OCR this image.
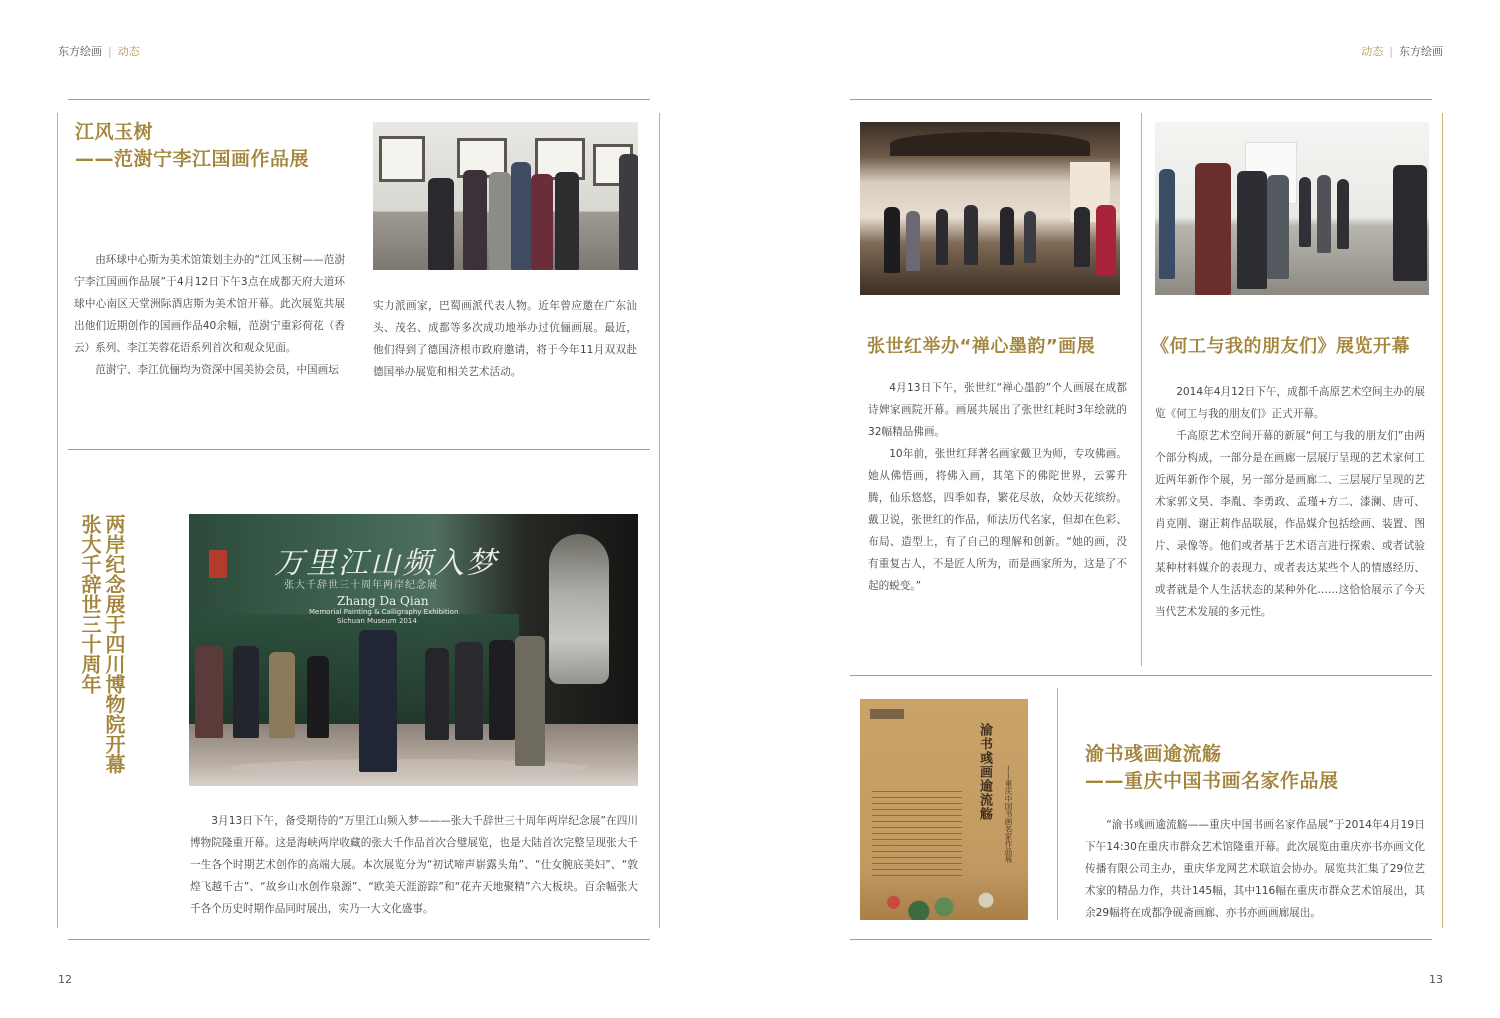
东方绘画 | 动态	动态 | 东方绘画
江风玉树
——范澍宁李江国画作品展

由环球中心斯为美术馆策划主办的“江风玉树——范澍宁李江国画作品展”于4月12日下午3点在成都天府大道环球中心南区天堂洲际酒店斯为美术馆开幕。此次展览共展出他们近期创作的国画作品40余幅，范澍宁重彩荷花（香云）系列、李江芙蓉花语系列首次和观众见面。

范澍宁、李江伉俪均为资深中国美协会员，中国画坛

实力派画家，巴蜀画派代表人物。近年曾应邀在广东汕头、茂名、成都等多次成功地举办过伉俪画展。最近，他们得到了德国济根市政府邀请，将于今年11月双双赴德国举办展览和相关艺术活动。
两岸纪念展于四川博物院开幕张大千辞世三十周年	万里江山频入梦
张大千辞世三十周年两岸纪念展
Zhang Da Qian
Memorial Painting & Calligraphy Exhibition
Sichuan Museum 2014

3月13日下午，备受期待的“万里江山频入梦———张大千辞世三十周年两岸纪念展”在四川博物院隆重开幕。这是海峡两岸收藏的张大千作品首次合璧展览，也是大陆首次完整呈现张大千一生各个时期艺术创作的高端大展。本次展览分为“初试啼声崭露头角”、“仕女腕底美妇”、“敦煌飞越千古”、“故乡山水创作泉源”、“欧美天涯游踪”和“花卉天地聚精”六大板块。百余幅张大千各个历史时期作品同时展出，实乃一大文化盛事。

张世红举办“禅心墨韵”画展

4月13日下午，张世红“禅心墨韵”个人画展在成都诗婢家画院开幕。画展共展出了张世红耗时3年绘就的32幅精品佛画。

10年前，张世红拜著名画家戴卫为师，专攻佛画。她从佛悟画，将佛入画，其笔下的佛陀世界，云雾升腾，仙乐悠悠，四季如春，繁花尽放，众妙天花缤纷。戴卫说，张世红的作品，师法历代名家，但却在色彩、布局、造型上，有了自己的理解和创新。“她的画，没有重复古人，不是匠人所为，而是画家所为，这是了不起的蜕变。”

《何工与我的朋友们》展览开幕

2014年4月12日下午，成都千高原艺术空间主办的展览《何工与我的朋友们》正式开幕。

千高原艺术空间开幕的新展“何工与我的朋友们”由两个部分构成，一部分是在画廊一层展厅呈现的艺术家何工近两年新作个展，另一部分是画廊二、三层展厅呈现的艺术家郭文昊、李胤、李勇政、孟瑾+方二、漆澜、唐可、肖克刚、谢正莉作品联展，作品媒介包括绘画、装置、图片、录像等。他们或者基于艺术语言进行探索、或者试验某种材料媒介的表现力、或者表达某些个人的情感经历、或者就是个人生活状态的某种外化……这恰恰展示了今天当代艺术发展的多元性。

渝书彧画逾流觞 ——重庆中国书画名家作品展
渝书彧画逾流觞
——重庆中国书画名家作品展

“渝书彧画逾流觞——重庆中国书画名家作品展”于2014年4月19日下午14:30在重庆市群众艺术馆隆重开幕。此次展览由重庆亦书亦画文化传播有限公司主办，重庆华龙网艺术联谊会协办。展览共汇集了29位艺术家的精品力作，共计145幅，其中116幅在重庆市群众艺术馆展出，其余29幅将在成都净砚斋画廊、亦书亦画画廊展出。

12	13
